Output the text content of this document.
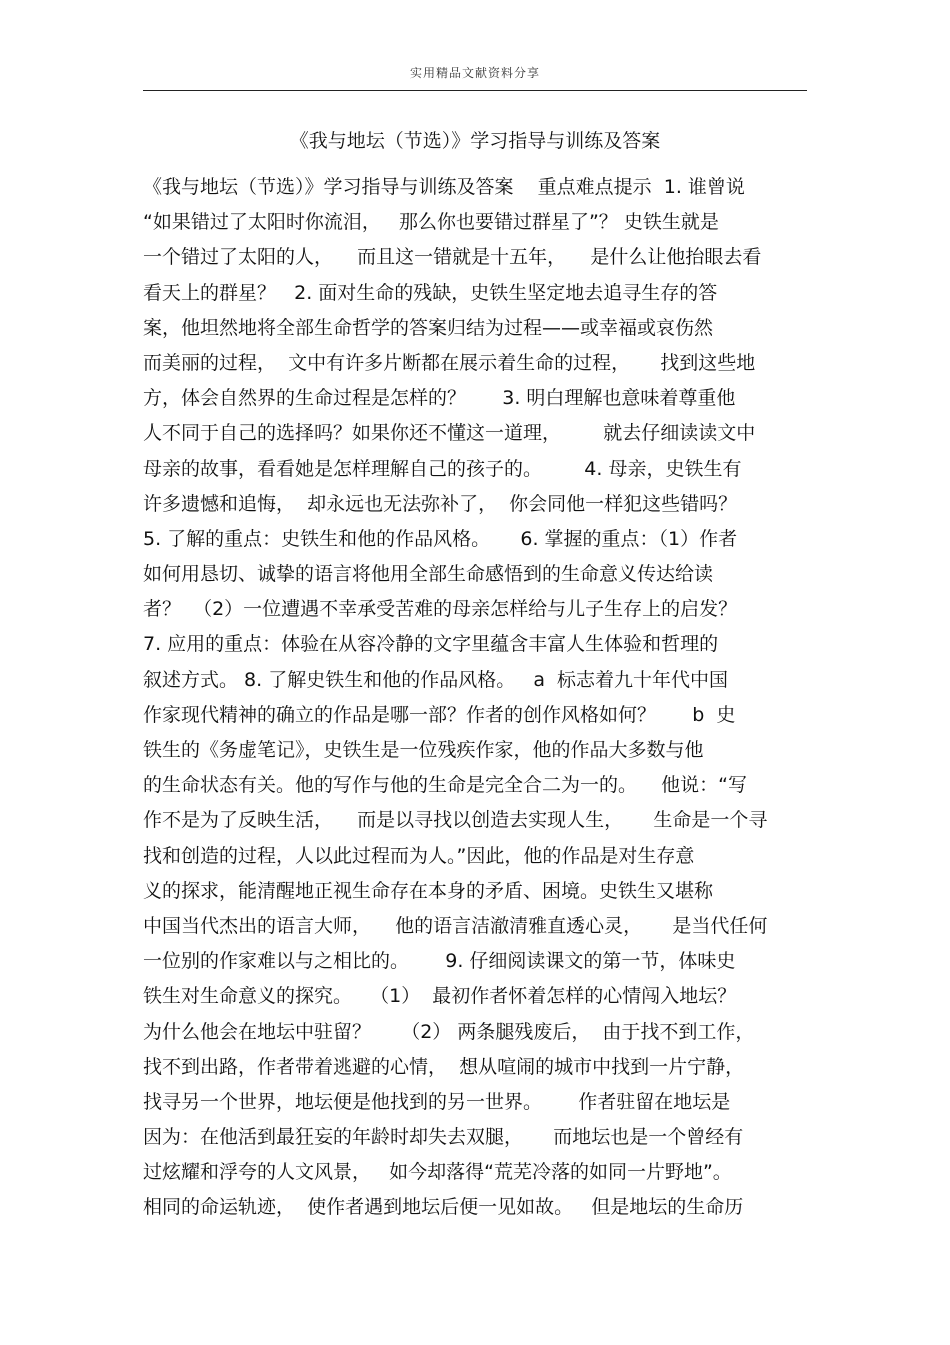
实用精品文献资料分享
《我与地坛（节选）》学习指导与训练及答案
《我与地坛（节选）》学习指导与训练及答案    重点难点提示  1. 谁曾说
“如果错过了太阳时你流泪，   那么你也要错过群星了”？ 史铁生就是
一个错过了太阳的人，    而且这一错就是十五年，    是什么让他抬眼去看
看天上的群星？   2. 面对生命的残缺，史铁生坚定地去追寻生存的答
案，他坦然地将全部生命哲学的答案归结为过程——或幸福或哀伤然
而美丽的过程，  文中有许多片断都在展示着生命的过程，     找到这些地
方，体会自然界的生命过程是怎样的？      3. 明白理解也意味着尊重他
人不同于自己的选择吗？如果你还不懂这一道理，       就去仔细读读文中
母亲的故事，看看她是怎样理解自己的孩子的。       4. 母亲，史铁生有
许多遗憾和追悔，  却永远也无法弥补了，  你会同他一样犯这些错吗？
5. 了解的重点：史铁生和他的作品风格。     6. 掌握的重点：（1）作者
如何用恳切、诚挚的语言将他用全部生命感悟到的生命意义传达给读
者？  （2）一位遭遇不幸承受苦难的母亲怎样给与儿子生存上的启发？
7. 应用的重点：体验在从容冷静的文字里蕴含丰富人生体验和哲理的
叙述方式。 8. 了解史铁生和他的作品风格。   a  标志着九十年代中国
作家现代精神的确立的作品是哪一部？作者的创作风格如何？      b  史
铁生的《务虚笔记》，史铁生是一位残疾作家，他的作品大多数与他
的生命状态有关。他的写作与他的生命是完全合二为一的。    他说：“写
作不是为了反映生活，    而是以寻找以创造去实现人生，     生命是一个寻
找和创造的过程，人以此过程而为人。”因此，他的作品是对生存意
义的探求，能清醒地正视生命存在本身的矛盾、困境。史铁生又堪称
中国当代杰出的语言大师，    他的语言洁澈清雅直透心灵，     是当代任何
一位别的作家难以与之相比的。      9. 仔细阅读课文的第一节，体味史
铁生对生命意义的探究。   （1）  最初作者怀着怎样的心情闯入地坛？
为什么他会在地坛中驻留？     （2） 两条腿残废后，  由于找不到工作，
找不到出路，作者带着逃避的心情，  想从喧闹的城市中找到一片宁静，
找寻另一个世界，地坛便是他找到的另一世界。      作者驻留在地坛是
因为：在他活到最狂妄的年龄时却失去双腿，     而地坛也是一个曾经有
过炫耀和浮夸的人文风景，   如今却落得“荒芜冷落的如同一片野地”。
相同的命运轨迹，  使作者遇到地坛后便一见如故。   但是地坛的生命历
